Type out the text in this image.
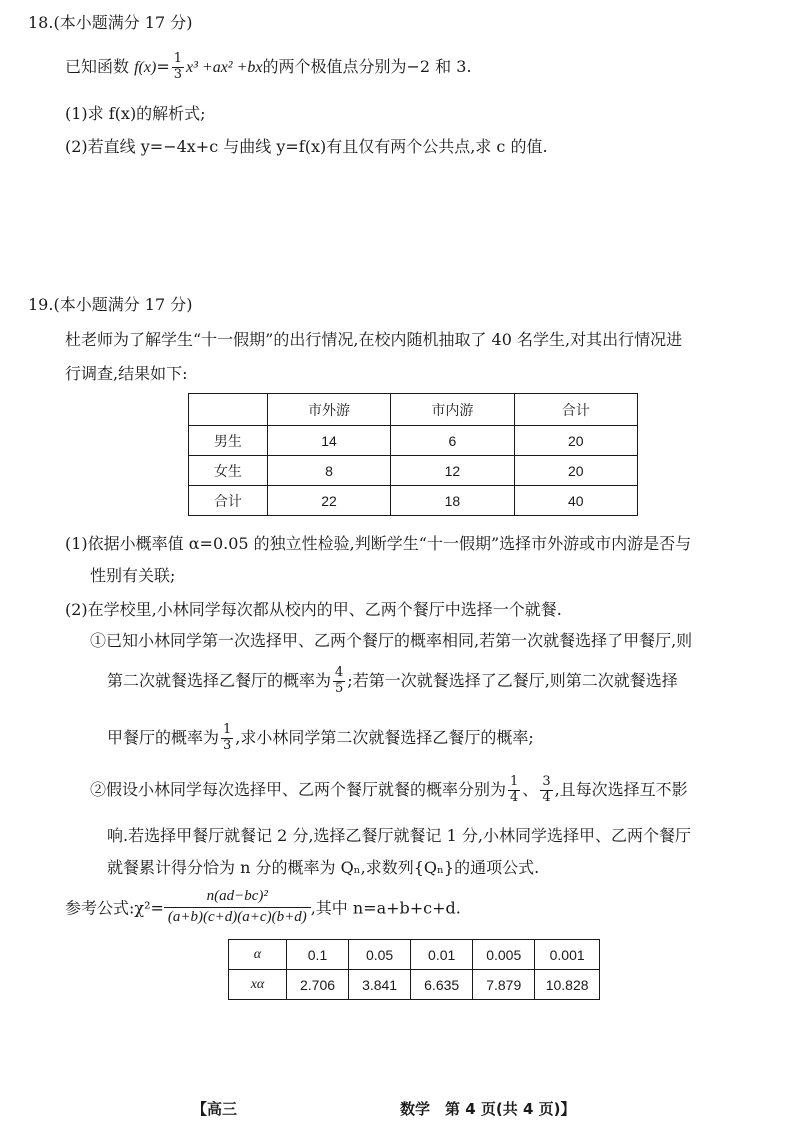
18.(本小题满分 17 分)
已知函数 $f(x)= \frac{1}{3} x^3 +ax^2 +bx$的两个极值点分别为−2 和 3.
(1)求 f(x)的解析式;
(2)若直线 y=−4x+c 与曲线 y=f(x)有且仅有两个公共点,求 c 的值.
19.(本小题满分 17 分)
杜老师为了解学生“十一假期”的出行情况,在校内随机抽取了 40 名学生,对其出行情况进
行调查,结果如下:
	市外游	市内游	合计
男生	14	6	20
女生	8	12	20
合计	22	18	40
(1)依据小概率值 α=0.05 的独立性检验,判断学生“十一假期”选择市外游或市内游是否与
性别有关联;
(2)在学校里,小林同学每次都从校内的甲、乙两个餐厅中选择一个就餐.
①已知小林同学第一次选择甲、乙两个餐厅的概率相同,若第一次就餐选择了甲餐厅,则
第二次就餐选择乙餐厅的概率为 $\frac{4}{5}$ ;若第一次就餐选择了乙餐厅,则第二次就餐选择
甲餐厅的概率为 $\frac{1}{3}$ ,求小林同学第二次就餐选择乙餐厅的概率;
②假设小林同学每次选择甲、乙两个餐厅就餐的概率分别为 $\frac{1}{4}$ 、 $\frac{3}{4}$ ,且每次选择互不影
响.若选择甲餐厅就餐记 2 分,选择乙餐厅就餐记 1 分,小林同学选择甲、乙两个餐厅
就餐累计得分恰为 n 分的概率为 Qₙ,求数列{Qₙ}的通项公式.
参考公式:χ²= $\frac{\text{n(ad−bc)²}}{(a+b)(c+d)(a+c)(b+d)}$ ,其中 n=a+b+c+d.
α	0.1	0.05	0.01	0.005	0.001
xα	2.706	3.841	6.635	7.879	10.828
【高三	数学　第 4 页(共 4 页)】
